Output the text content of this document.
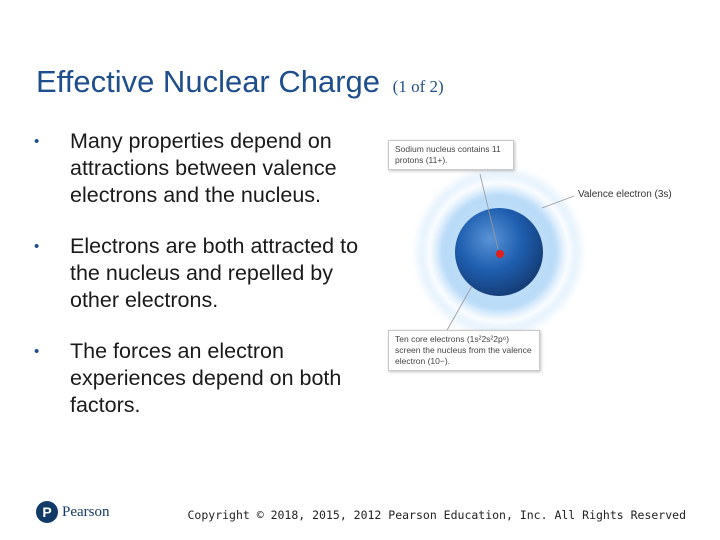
Effective Nuclear Charge (1 of 2)
• Many properties depend on attractions between valence electrons and the nucleus.
• Electrons are both attracted to the nucleus and repelled by other electrons.
• The forces an electron experiences depend on both factors.
Sodium nucleus contains 11 protons (11+).
Valence electron (3s)
Ten core electrons (1s²2s²2p⁶) screen the nucleus from the valence electron (10−).
P Pearson	Copyright © 2018, 2015, 2012 Pearson Education, Inc. All Rights Reserved
